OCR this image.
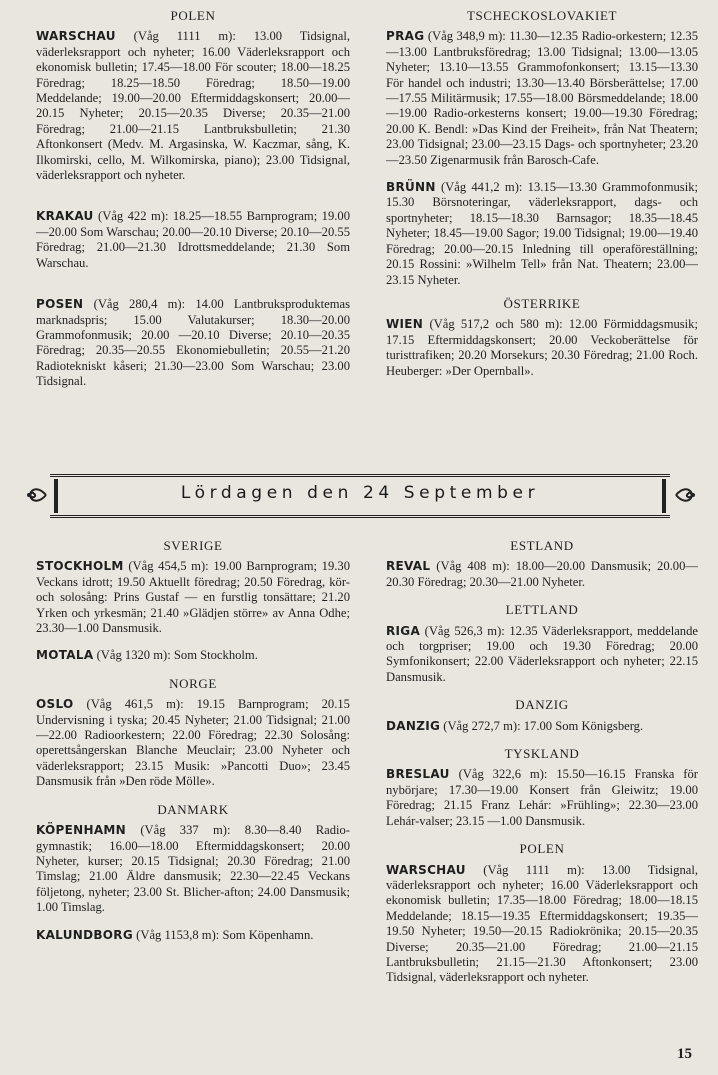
POLEN
WARSCHAU (Våg 1111 m): 13.00 Tidsignal, väderleksrapport och nyheter; 16.00 Väderleksrapport och ekonomisk bulletin; 17.45—18.00 För scouter; 18.00—18.25 Föredrag; 18.25—18.50 Föredrag; 18.50—19.00 Meddelande; 19.00—20.00 Eftermiddagskonsert; 20.00—20.15 Nyheter; 20.15—20.35 Diverse; 20.35—21.00 Föredrag; 21.00—21.15 Lantbruksbulletin; 21.30 Aftonkonsert (Medv. M. Argasinska, W. Kaczmar, sång, K. Ilkomirski, cello, M. Wilkomirska, piano); 23.00 Tidsignal, väderleksrapport och nyheter.
KRAKAU (Våg 422 m): 18.25—18.55 Barnprogram; 19.00—20.00 Som Warschau; 20.00—20.10 Diverse; 20.10—20.55 Föredrag; 21.00—21.30 Idrottsmeddelande; 21.30 Som Warschau.
POSEN (Våg 280,4 m): 14.00 Lantbruksproduktemas marknadspris; 15.00 Valutakurser; 18.30—20.00 Grammofonmusik; 20.00 —20.10 Diverse; 20.10—20.35 Föredrag; 20.35—20.55 Ekonomiebulletin; 20.55—21.20 Radiotekniskt kåseri; 21.30—23.00 Som Warschau; 23.00 Tidsignal.
TSCHECKOSLOVAKIET
PRAG (Våg 348,9 m): 11.30—12.35 Radio-orkestern; 12.35—13.00 Lantbruksföredrag; 13.00 Tidsignal; 13.00—13.05 Nyheter; 13.10—13.55 Grammofonkonsert; 13.15—13.30 För handel och industri; 13.30—13.40 Börsberättelse; 17.00—17.55 Militärmusik; 17.55—18.00 Börsmeddelande; 18.00—19.00 Radio-orkesterns konsert; 19.00—19.30 Föredrag; 20.00 K. Bendl: »Das Kind der Freiheit», från Nat Theatern; 23.00 Tidsignal; 23.00—23.15 Dags- och sportnyheter; 23.20—23.50 Zigenarmusik från Barosch-Cafe.
BRÜNN (Våg 441,2 m): 13.15—13.30 Grammofonmusik; 15.30 Börsnoteringar, väderleksrapport, dags- och sportnyheter; 18.15—18.30 Barnsagor; 18.35—18.45 Nyheter; 18.45—19.00 Sagor; 19.00 Tidsignal; 19.00—19.40 Föredrag; 20.00—20.15 Inledning till operaföreställning; 20.15 Rossini: »Wilhelm Tell» från Nat. Theatern; 23.00—23.15 Nyheter.
ÖSTERRIKE
WIEN (Våg 517,2 och 580 m): 12.00 Förmiddagsmusik; 17.15 Eftermiddagskonsert; 20.00 Veckoberättelse för turisttrafiken; 20.20 Morsekurs; 20.30 Föredrag; 21.00 Roch. Heuberger: »Der Opernball».
Lördagen den 24 September
SVERIGE
STOCKHOLM (Våg 454,5 m): 19.00 Barnprogram; 19.30 Veckans idrott; 19.50 Aktuellt föredrag; 20.50 Föredrag, kör- och solosång: Prins Gustaf — en furstlig tonsättare; 21.20 Yrken och yrkesmän; 21.40 »Glädjen större» av Anna Odhe; 23.30—1.00 Dansmusik.
MOTALA (Våg 1320 m): Som Stockholm.
NORGE
OSLO (Våg 461,5 m): 19.15 Barnprogram; 20.15 Undervisning i tyska; 20.45 Nyheter; 21.00 Tidsignal; 21.00—22.00 Radioorkestern; 22.00 Föredrag; 22.30 Solosång: operettsångerskan Blanche Meuclair; 23.00 Nyheter och väderleksrapport; 23.15 Musik: »Pancotti Duo»; 23.45 Dansmusik från »Den röde Mölle».
DANMARK
KÖPENHAMN (Våg 337 m): 8.30—8.40 Radio-gymnastik; 16.00—18.00 Eftermiddagskonsert; 20.00 Nyheter, kurser; 20.15 Tidsignal; 20.30 Föredrag; 21.00 Timslag; 21.00 Äldre dansmusik; 22.30—22.45 Veckans följetong, nyheter; 23.00 St. Blicher-afton; 24.00 Dansmusik; 1.00 Timslag.
KALUNDBORG (Våg 1153,8 m): Som Köpenhamn.
ESTLAND
REVAL (Våg 408 m): 18.00—20.00 Dansmusik; 20.00—20.30 Föredrag; 20.30—21.00 Nyheter.
LETTLAND
RIGA (Våg 526,3 m): 12.35 Väderleksrapport, meddelande och torgpriser; 19.00 och 19.30 Föredrag; 20.00 Symfonikonsert; 22.00 Väderleksrapport och nyheter; 22.15 Dansmusik.
DANZIG
DANZIG (Våg 272,7 m): 17.00 Som Königsberg.
TYSKLAND
BRESLAU (Våg 322,6 m): 15.50—16.15 Franska för nybörjare; 17.30—19.00 Konsert från Gleiwitz; 19.00 Föredrag; 21.15 Franz Lehár: »Frühling»; 22.30—23.00 Lehár-valser; 23.15 —1.00 Dansmusik.
POLEN
WARSCHAU (Våg 1111 m): 13.00 Tidsignal, väderleksrapport och nyheter; 16.00 Väderleksrapport och ekonomisk bulletin; 17.35—18.00 Föredrag; 18.00—18.15 Meddelande; 18.15—19.35 Eftermiddagskonsert; 19.35—19.50 Nyheter; 19.50—20.15 Radiokrönika; 20.15—20.35 Diverse; 20.35—21.00 Föredrag; 21.00—21.15 Lantbruksbulletin; 21.15—21.30 Aftonkonsert; 23.00 Tidsignal, väderleksrapport och nyheter.
15
